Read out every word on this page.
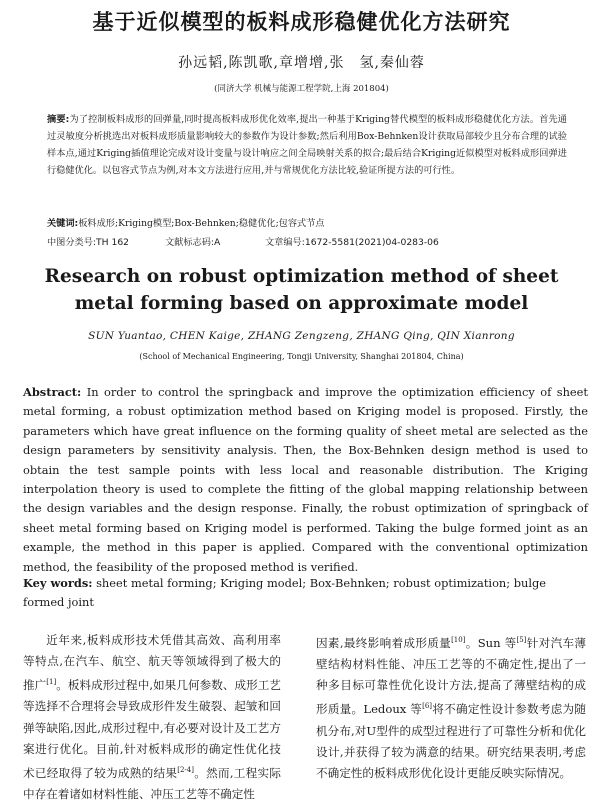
基于近似模型的板料成形稳健优化方法研究
孙远韬,陈凯歌,章增增,张　氢,秦仙蓉
(同济大学 机械与能源工程学院,上海 201804)
摘要:为了控制板料成形的回弹量,同时提高板料成形优化效率,提出一种基于Kriging替代模型的板料成形稳健优化方法。首先通过灵敏度分析挑选出对板料成形质量影响较大的参数作为设计参数;然后利用Box-Behnken设计获取局部较少且分布合理的试验样本点,通过Kriging插值理论完成对设计变量与设计响应之间全局映射关系的拟合;最后结合Kriging近似模型对板料成形回弹进行稳健优化。以包容式节点为例,对本文方法进行应用,并与常规优化方法比较,验证所提方法的可行性。
关键词:板料成形;Kriging模型;Box-Behnken;稳健优化;包容式节点
中图分类号:TH 162	文献标志码:A	文章编号:1672-5581(2021)04-0283-06
Research on robust optimization method of sheet
metal forming based on approximate model
SUN Yuantao, CHEN Kaige, ZHANG Zengzeng, ZHANG Qing, QIN Xianrong
(School of Mechanical Engineering, Tongji University, Shanghai 201804, China)
Abstract: In order to control the springback and improve the optimization efficiency of sheet metal forming, a robust optimization method based on Kriging model is proposed. Firstly, the parameters which have great influence on the forming quality of sheet metal are selected as the design parameters by sensitivity analysis. Then, the Box-Behnken design method is used to obtain the test sample points with less local and reasonable distribution. The Kriging interpolation theory is used to complete the fitting of the global mapping relationship between the design variables and the design response. Finally, the robust optimization of springback of sheet metal forming based on Kriging model is performed. Taking the bulge formed joint as an example, the method in this paper is applied. Compared with the conventional optimization method, the feasibility of the proposed method is verified.
Key words: sheet metal forming; Kriging model; Box-Behnken; robust optimization; bulge formed joint
近年来,板料成形技术凭借其高效、高利用率等特点,在汽车、航空、航天等领域得到了极大的推广[1]。板料成形过程中,如果几何参数、成形工艺等选择不合理将会导致成形件发生破裂、起皱和回弹等缺陷,因此,成形过程中,有必要对设计及工艺方案进行优化。目前,针对板料成形的确定性优化技术已经取得了较为成熟的结果[2-4]。然而,工程实际中存在着诸如材料性能、冲压工艺等不确定性
因素,最终影响着成形质量[10]。Sun 等[5]针对汽车薄壁结构材料性能、冲压工艺等的不确定性,提出了一种多目标可靠性优化设计方法,提高了薄壁结构的成形质量。Ledoux 等[6]将不确定性设计参数考虑为随机分布,对U型件的成型过程进行了可靠性分析和优化设计,并获得了较为满意的结果。研究结果表明,考虑不确定性的板料成形优化设计更能反映实际情况。
